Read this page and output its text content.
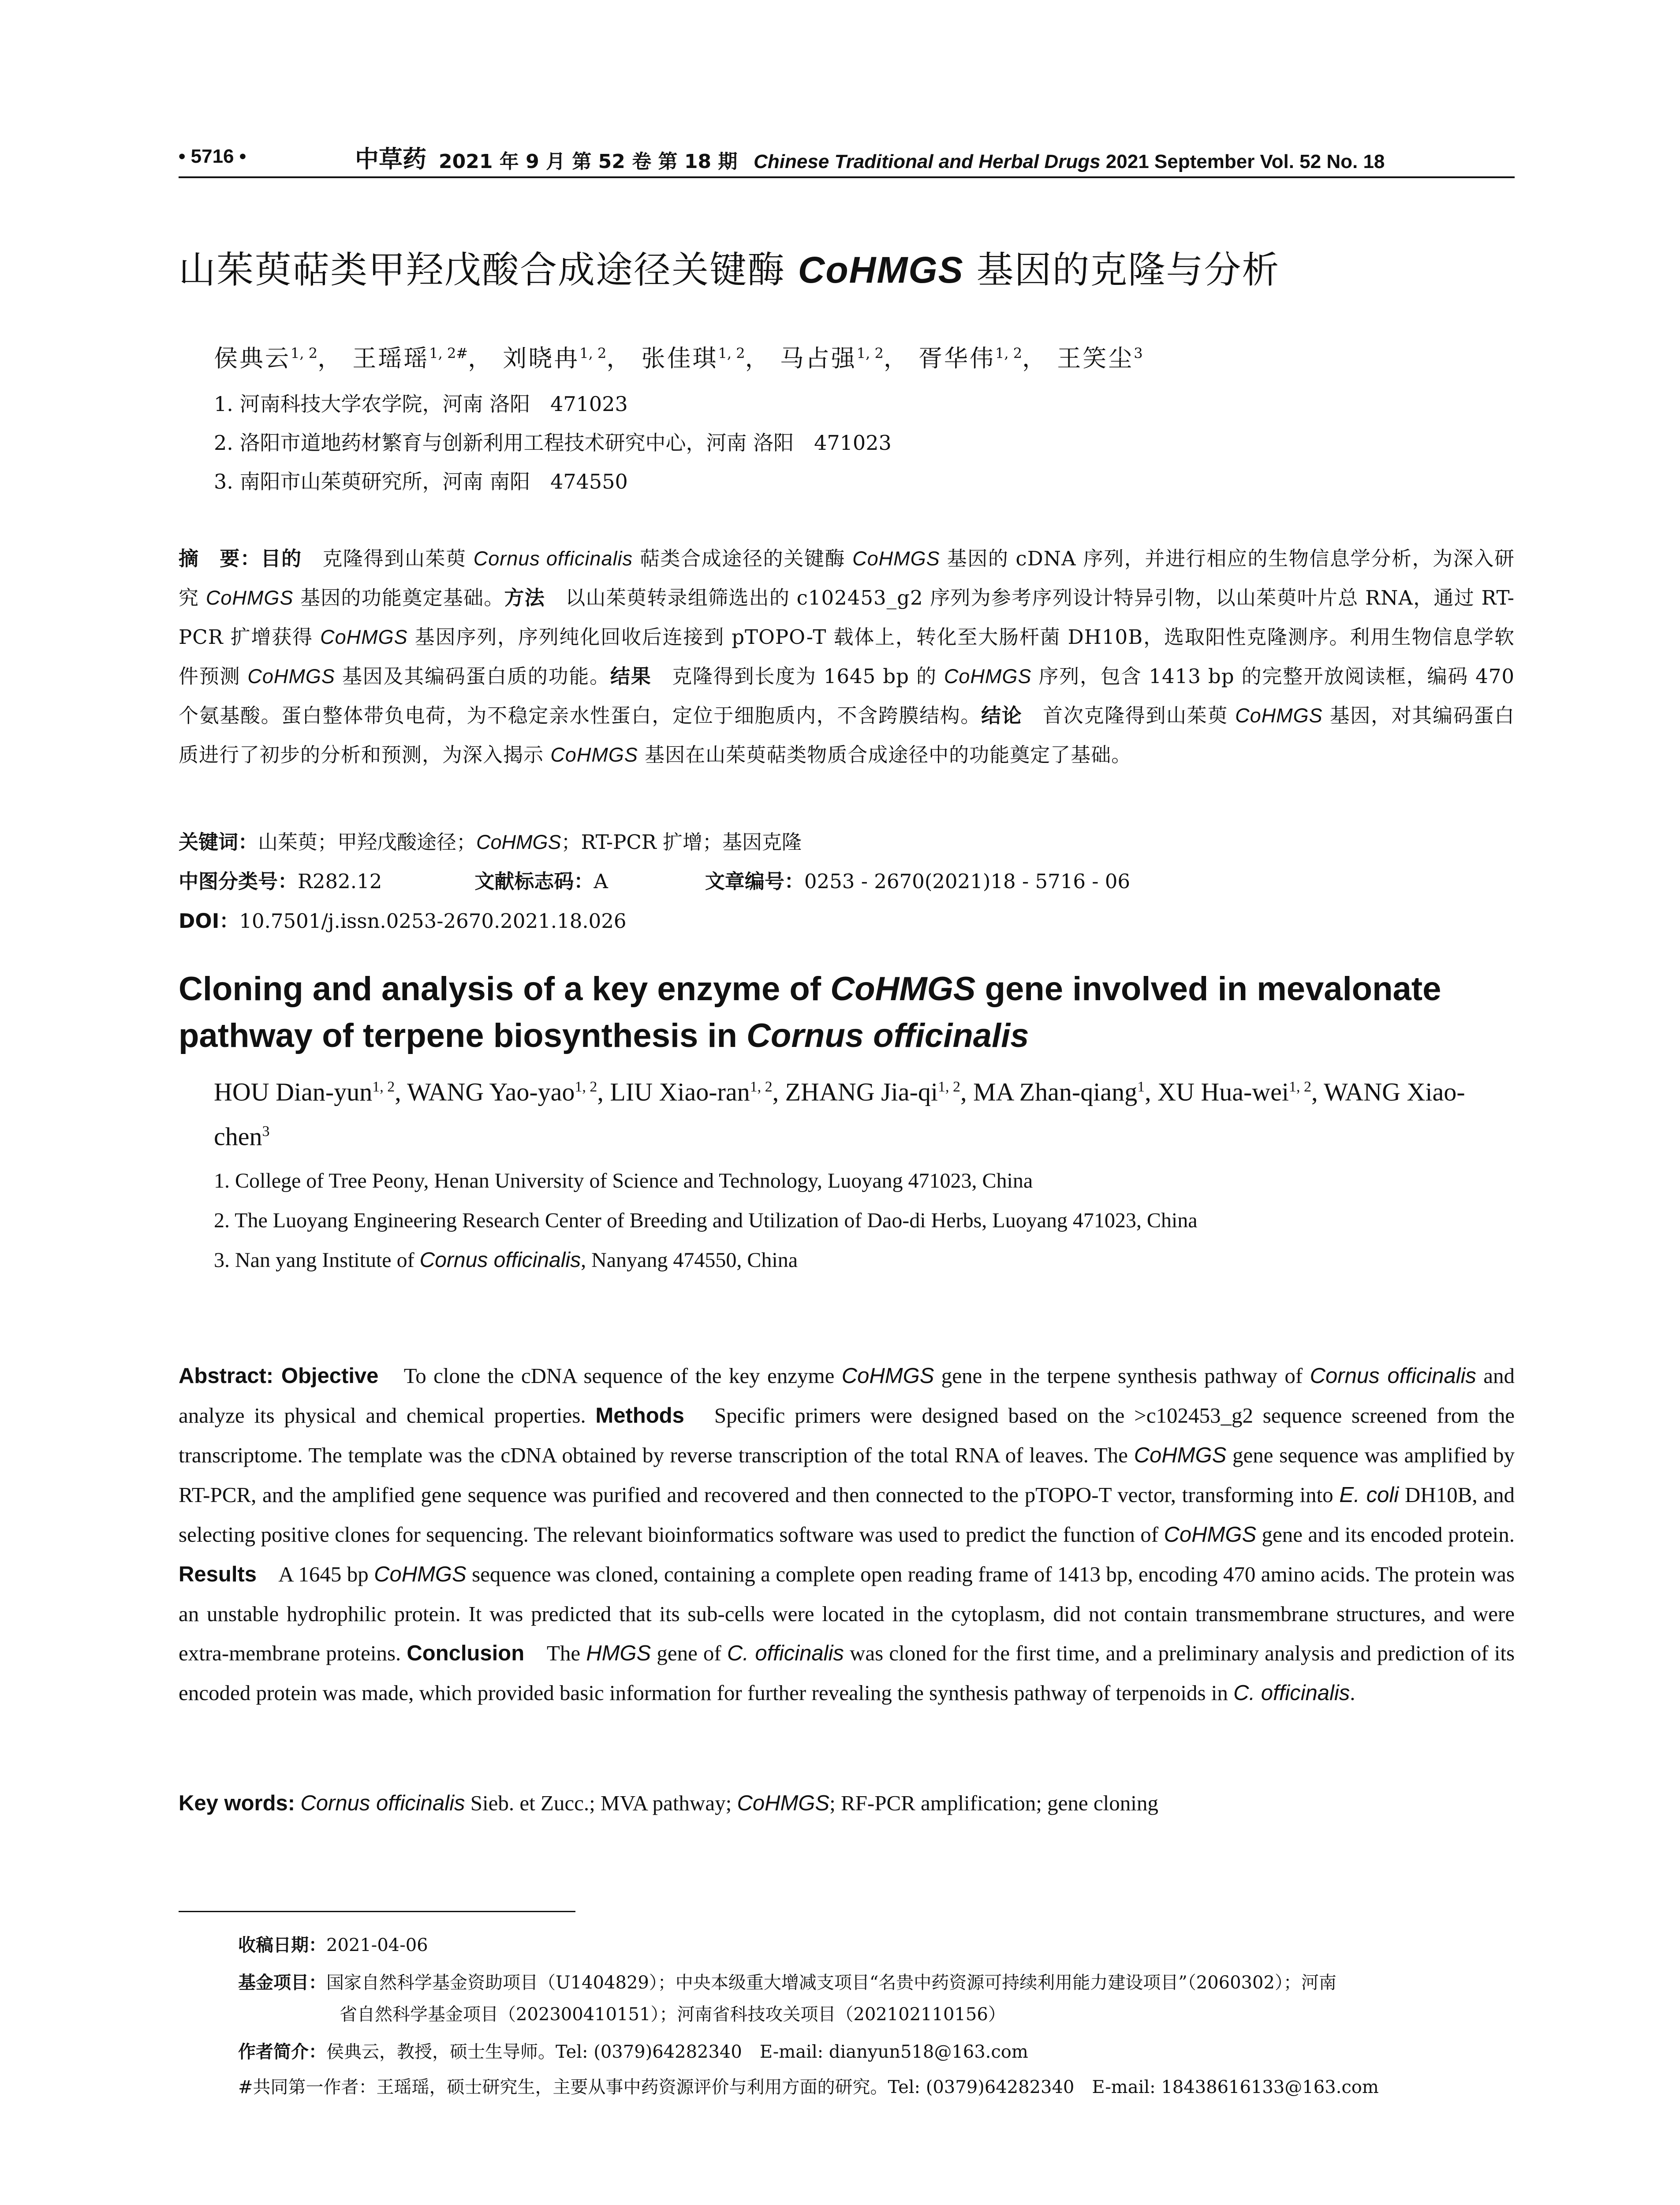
• 5716 •	中草药 2021 年 9 月 第 52 卷 第 18 期 Chinese Traditional and Herbal Drugs 2021 September Vol. 52 No. 18
山茱萸萜类甲羟戊酸合成途径关键酶 CoHMGS 基因的克隆与分析
侯典云$^{1, 2}$， 王瑶瑶$^{1, 2\#}$， 刘晓冉$^{1, 2}$， 张佳琪$^{1, 2}$， 马占强$^{1, 2}$， 胥华伟$^{1, 2}$， 王笑尘$^3$
1. 河南科技大学农学院，河南 洛阳　471023
2. 洛阳市道地药材繁育与创新利用工程技术研究中心，河南 洛阳　471023
3. 南阳市山茱萸研究所，河南 南阳　474550
摘　要：目的　克隆得到山茱萸 Cornus officinalis 萜类合成途径的关键酶 CoHMGS 基因的 cDNA 序列，并进行相应的生物信息学分析，为深入研究 CoHMGS 基因的功能奠定基础。方法　以山茱萸转录组筛选出的 c102453_g2 序列为参考序列设计特异引物，以山茱萸叶片总 RNA，通过 RT-PCR 扩增获得 CoHMGS 基因序列，序列纯化回收后连接到 pTOPO-T 载体上，转化至大肠杆菌 DH10B，选取阳性克隆测序。利用生物信息学软件预测 CoHMGS 基因及其编码蛋白质的功能。结果　克隆得到长度为 1645 bp 的 CoHMGS 序列，包含 1413 bp 的完整开放阅读框，编码 470 个氨基酸。蛋白整体带负电荷，为不稳定亲水性蛋白，定位于细胞质内，不含跨膜结构。结论　首次克隆得到山茱萸 CoHMGS 基因，对其编码蛋白质进行了初步的分析和预测，为深入揭示 CoHMGS 基因在山茱萸萜类物质合成途径中的功能奠定了基础。
关键词：山茱萸；甲羟戊酸途径；CoHMGS；RT-PCR 扩增；基因克隆
中图分类号：R282.12	文献标志码：A	文章编号：0253 - 2670(2021)18 - 5716 - 06
DOI：10.7501/j.issn.0253-2670.2021.18.026
Cloning and analysis of a key enzyme of CoHMGS gene involved in mevalonate pathway of terpene biosynthesis in Cornus officinalis
HOU Dian-yun$^{1, 2}$, WANG Yao-yao$^{1, 2}$, LIU Xiao-ran$^{1, 2}$, ZHANG Jia-qi$^{1, 2}$, MA Zhan-qiang$^1$, XU Hua-wei$^{1, 2}$, WANG Xiao-chen$^3$
1. College of Tree Peony, Henan University of Science and Technology, Luoyang 471023, China
2. The Luoyang Engineering Research Center of Breeding and Utilization of Dao-di Herbs, Luoyang 471023, China
3. Nan yang Institute of Cornus officinalis, Nanyang 474550, China
Abstract: Objective　To clone the cDNA sequence of the key enzyme CoHMGS gene in the terpene synthesis pathway of Cornus officinalis and analyze its physical and chemical properties. Methods　Specific primers were designed based on the >c102453_g2 sequence screened from the transcriptome. The template was the cDNA obtained by reverse transcription of the total RNA of leaves. The CoHMGS gene sequence was amplified by RT-PCR, and the amplified gene sequence was purified and recovered and then connected to the pTOPO-T vector, transforming into E. coli DH10B, and selecting positive clones for sequencing. The relevant bioinformatics software was used to predict the function of CoHMGS gene and its encoded protein. Results　A 1645 bp CoHMGS sequence was cloned, containing a complete open reading frame of 1413 bp, encoding 470 amino acids. The protein was an unstable hydrophilic protein. It was predicted that its sub-cells were located in the cytoplasm, did not contain transmembrane structures, and were extra-membrane proteins. Conclusion　The HMGS gene of C. officinalis was cloned for the first time, and a preliminary analysis and prediction of its encoded protein was made, which provided basic information for further revealing the synthesis pathway of terpenoids in C. officinalis.
Key words: Cornus officinalis Sieb. et Zucc.; MVA pathway; CoHMGS; RF-PCR amplification; gene cloning
收稿日期：2021-04-06
基金项目：国家自然科学基金资助项目（U1404829）；中央本级重大增减支项目“名贵中药资源可持续利用能力建设项目”（2060302）；河南
省自然科学基金项目（202300410151）；河南省科技攻关项目（202102110156）
作者简介：侯典云，教授，硕士生导师。Tel: (0379)64282340　E-mail: dianyun518@163.com
#共同第一作者：王瑶瑶，硕士研究生，主要从事中药资源评价与利用方面的研究。Tel: (0379)64282340　E-mail: 18438616133@163.com
